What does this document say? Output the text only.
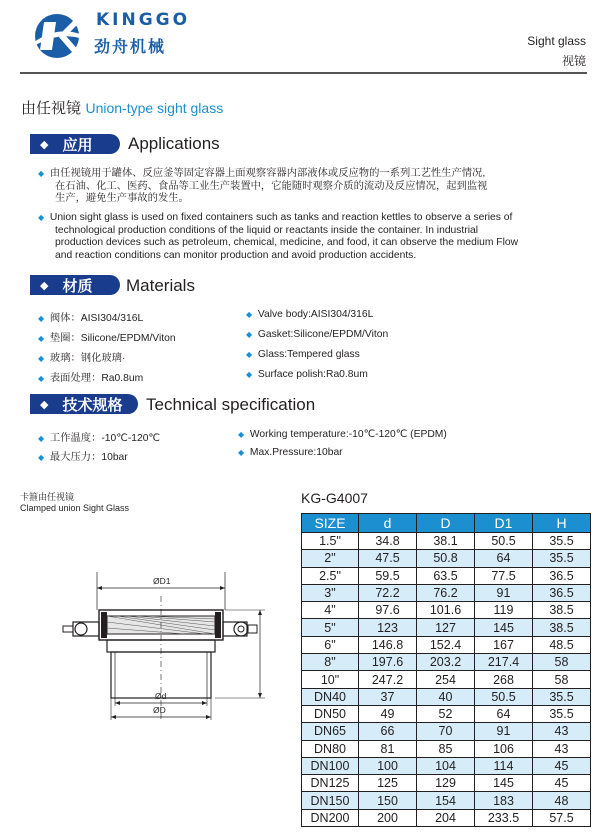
KINGGO
劲舟机械	Sight glass
视镜
由任视镜 Union-type sight glass
◆ 应用 Applications
◆ 由任视镜用于罐体、反应釜等固定容器上面观察容器内部液体或反应物的一系列工艺性生产情况,
在石油、化工、医药、食品等工业生产装置中，它能随时观察介质的流动及反应情况，起到监视
生产，避免生产事故的发生。
◆ Union sight glass is used on fixed containers such as tanks and reaction kettles to observe a series of
technological production conditions of the liquid or reactants inside the container. In industrial
production devices such as petroleum, chemical, medicine, and food, it can observe the medium Flow
and reaction conditions can monitor production and avoid production accidents.
◆ 材质 Materials
◆ 阀体：AISI304/316L
◆ 垫圈：Silicone/EPDM/Viton
◆ 玻璃：钢化玻璃·
◆ 表面处理：Ra0.8um
◆ Valve body:AISI304/316L
◆ Gasket:Silicone/EPDM/Viton
◆ Glass:Tempered glass
◆ Surface polish:Ra0.8um
◆ 技术规格 Technical specification
◆ 工作温度：-10℃-120℃
◆ 最大压力：10bar
◆ Working temperature:-10℃-120℃ (EPDM)
◆ Max.Pressure:10bar
卡箍由任视镜
Clamped union Sight Glass
ØD1
Ød
ØD
KG-G4007
SIZE	d	D	D1	H
1.5"	34.8	38.1	50.5	35.5
2"	47.5	50.8	64	35.5
2.5"	59.5	63.5	77.5	36.5
3"	72.2	76.2	91	36.5
4"	97.6	101.6	119	38.5
5"	123	127	145	38.5
6"	146.8	152.4	167	48.5
8"	197.6	203.2	217.4	58
10"	247.2	254	268	58
DN40	37	40	50.5	35.5
DN50	49	52	64	35.5
DN65	66	70	91	43
DN80	81	85	106	43
DN100	100	104	114	45
DN125	125	129	145	45
DN150	150	154	183	48
DN200	200	204	233.5	57.5
